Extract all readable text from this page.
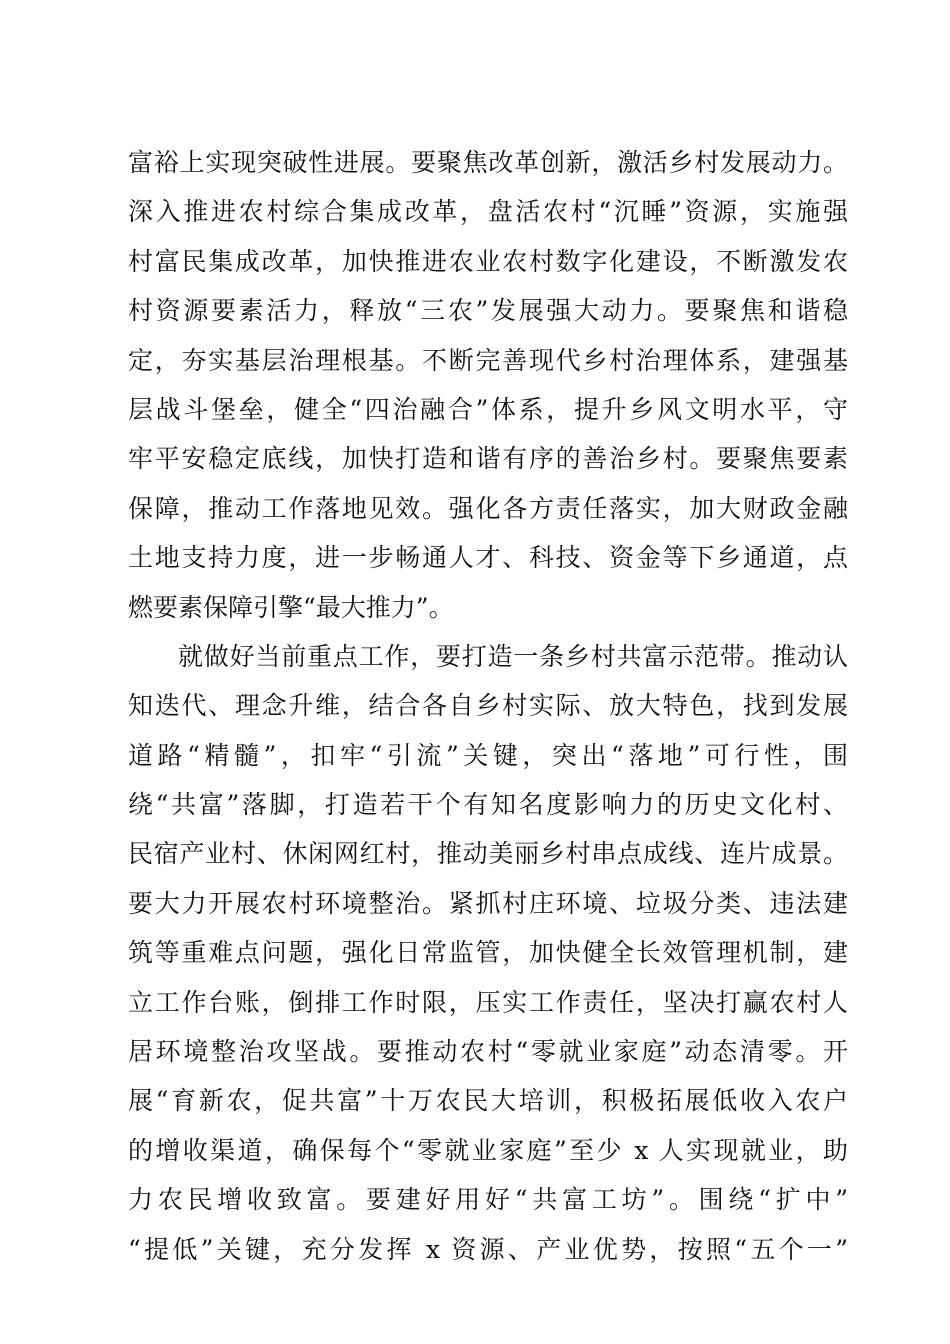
富裕上实现突破性进展。要聚焦改革创新，激活乡村发展动力。
深入推进农村综合集成改革，盘活农村“沉睡”资源，实施强
村富民集成改革，加快推进农业农村数字化建设，不断激发农
村资源要素活力，释放“三农”发展强大动力。要聚焦和谐稳
定，夯实基层治理根基。不断完善现代乡村治理体系，建强基
层战斗堡垒，健全“四治融合”体系，提升乡风文明水平，守
牢平安稳定底线，加快打造和谐有序的善治乡村。要聚焦要素
保障，推动工作落地见效。强化各方责任落实，加大财政金融
土地支持力度，进一步畅通人才、科技、资金等下乡通道，点
燃要素保障引擎“最大推力”。
就做好当前重点工作，要打造一条乡村共富示范带。推动认
知迭代、理念升维，结合各自乡村实际、放大特色，找到发展
道路“精髓”，扣牢“引流”关键，突出“落地”可行性，围
绕“共富”落脚，打造若干个有知名度影响力的历史文化村、
民宿产业村、休闲网红村，推动美丽乡村串点成线、连片成景。
要大力开展农村环境整治。紧抓村庄环境、垃圾分类、违法建
筑等重难点问题，强化日常监管，加快健全长效管理机制，建
立工作台账，倒排工作时限，压实工作责任，坚决打赢农村人
居环境整治攻坚战。要推动农村“零就业家庭”动态清零。开
展“育新农，促共富”十万农民大培训，积极拓展低收入农户
的增收渠道，确保每个“零就业家庭”至少 x 人实现就业，助
力农民增收致富。要建好用好“共富工坊”。围绕“扩中”
“提低”关键，充分发挥 x 资源、产业优势，按照“五个一”
